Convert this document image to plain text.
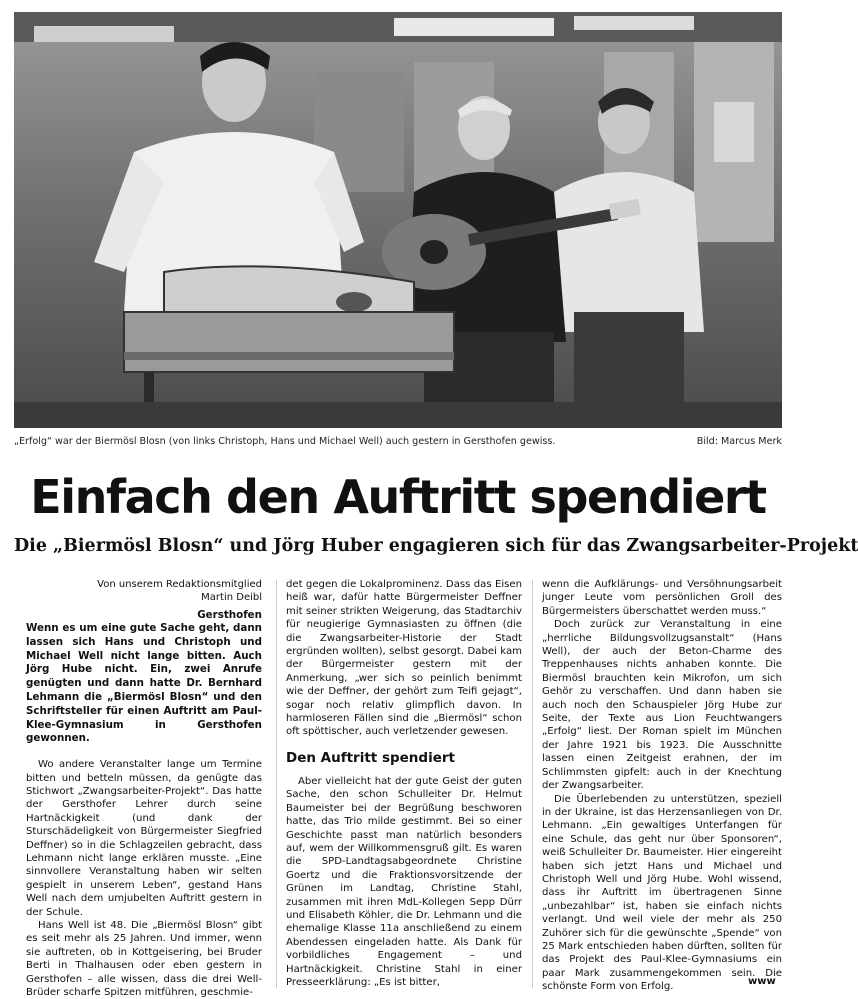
„Erfolg“ war der Biermösl Blosn (von links Christoph, Hans und Michael Well) auch gestern in Gersthofen gewiss.	Bild: Marcus Merk
Einfach den Auftritt spendiert
Die „Biermösl Blosn“ und Jörg Huber engagieren sich für das Zwangsarbeiter-Projekt
Von unserem Redaktionsmitglied
Martin Deibl
Gersthofen

Wenn es um eine gute Sache geht, dann lassen sich Hans und Christoph und Michael Well nicht lange bitten. Auch Jörg Hube nicht. Ein, zwei Anrufe genügten und dann hatte Dr. Bernhard Lehmann die „Biermösl Blosn“ und den Schriftsteller für einen Auftritt am Paul-Klee-Gymnasium in Gersthofen gewonnen.

Wo andere Veranstalter lange um Termine bitten und betteln müssen, da genügte das Stichwort „Zwangsarbeiter-Projekt“. Das hatte der Gersthofer Lehrer durch seine Hartnäckigkeit (und dank der Sturschädeligkeit von Bürgermeister Siegfried Deffner) so in die Schlagzeilen gebracht, dass Lehmann nicht lange erklären musste. „Eine sinnvollere Veranstaltung haben wir selten gespielt in unserem Leben“, gestand Hans Well nach dem umjubelten Auftritt gestern in der Schule.

Hans Well ist 48. Die „Biermösl Blosn“ gibt es seit mehr als 25 Jahren. Und immer, wenn sie auftreten, ob in Kottgeisering, bei Bruder Berti in Thalhausen oder eben gestern in Gersthofen – alle wissen, dass die drei Well-Brüder scharfe Spitzen mitführen, geschmie-

det gegen die Lokalprominenz. Dass das Eisen heiß war, dafür hatte Bürgermeister Deffner mit seiner strikten Weigerung, das Stadtarchiv für neugierige Gymnasiasten zu öffnen (die die Zwangsarbeiter-Historie der Stadt ergründen wollten), selbst gesorgt. Dabei kam der Bürgermeister gestern mit der Anmerkung, „wer sich so peinlich benimmt wie der Deffner, der gehört zum Teifi gejagt“, sogar noch relativ glimpflich davon. In harmloseren Fällen sind die „Biermösl“ schon oft spöttischer, auch verletzender gewesen.

Den Auftritt spendiert

Aber vielleicht hat der gute Geist der guten Sache, den schon Schulleiter Dr. Helmut Baumeister bei der Begrüßung beschworen hatte, das Trio milde gestimmt. Bei so einer Geschichte passt man natürlich besonders auf, wem der Willkommensgruß gilt. Es waren die SPD-Landtagsabgeordnete Christine Goertz und die Fraktionsvorsitzende der Grünen im Landtag, Christine Stahl, zusammen mit ihren MdL-Kollegen Sepp Dürr und Elisabeth Köhler, die Dr. Lehmann und die ehemalige Klasse 11a anschließend zu einem Abendessen eingeladen hatte. Als Dank für vorbildliches Engagement – und Hartnäckigkeit. Christine Stahl in einer Presseerklärung: „Es ist bitter,

wenn die Aufklärungs- und Versöhnungsarbeit junger Leute vom persönlichen Groll des Bürgermeisters überschattet werden muss.“

Doch zurück zur Veranstaltung in eine „herrliche Bildungsvollzugsanstalt“ (Hans Well), der auch der Beton-Charme des Treppenhauses nichts anhaben konnte. Die Biermösl brauchten kein Mikrofon, um sich Gehör zu verschaffen. Und dann haben sie auch noch den Schauspieler Jörg Hube zur Seite, der Texte aus Lion Feuchtwangers „Erfolg“ liest. Der Roman spielt im München der Jahre 1921 bis 1923. Die Ausschnitte lassen einen Zeitgeist erahnen, der im Schlimmsten gipfelt: auch in der Knechtung der Zwangsarbeiter.

Die Überlebenden zu unterstützen, speziell in der Ukraine, ist das Herzensanliegen von Dr. Lehmann. „Ein gewaltiges Unterfangen für eine Schule, das geht nur über Sponsoren“, weiß Schulleiter Dr. Baumeister. Hier eingereiht haben sich jetzt Hans und Michael und Christoph Well und Jörg Hube. Wohl wissend, dass ihr Auftritt im übertragenen Sinne „unbezahlbar“ ist, haben sie einfach nichts verlangt. Und weil viele der mehr als 250 Zuhörer sich für die gewünschte „Spende“ von 25 Mark entschieden haben dürften, sollten für das Projekt des Paul-Klee-Gymnasiums ein paar Mark zusammengekommen sein. Die schönste Form von Erfolg.	www
